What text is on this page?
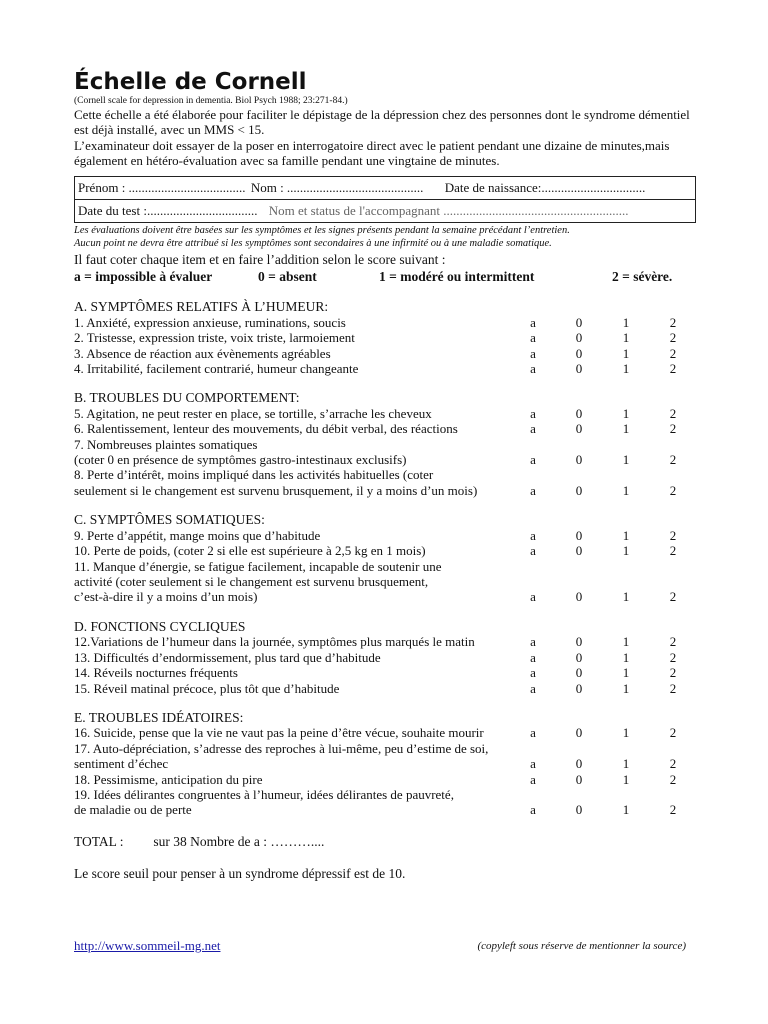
Échelle de Cornell

(Cornell scale for depression in dementia. Biol Psych 1988; 23:271-84.)

Cette échelle a été élaborée pour faciliter le dépistage de la dépression chez des personnes dont le syndrome démentiel est déjà installé, avec un MMS < 15.

L’examinateur doit essayer de la poser en interrogatoire direct avec le patient pendant une dizaine de minutes,mais également en hétéro-évaluation avec sa famille pendant une vingtaine de minutes.

Prénom : .................................... Nom : .......................................... Date de naissance:................................
Date du test :.................................. Nom et status de l'accompagnant .........................................................
Les évaluations doivent être basées sur les symptômes et les signes présents pendant la semaine précédant l’entretien.
Aucun point ne devra être attribué si les symptômes sont secondaires à une infirmité ou à une maladie somatique.
Il faut coter chaque item et en faire l’addition selon le score suivant :
a = impossible à évaluer	0 = absent	1 = modéré ou intermittent	2 = sévère.
A. SYMPTÔMES RELATIFS À L’HUMEUR:
1. Anxiété, expression anxieuse, ruminations, soucis	a	0	1	2
2. Tristesse, expression triste, voix triste, larmoiement	a	0	1	2
3. Absence de réaction aux évènements agréables	a	0	1	2
4. Irritabilité, facilement contrarié, humeur changeante	a	0	1	2
B. TROUBLES DU COMPORTEMENT:
5. Agitation, ne peut rester en place, se tortille, s’arrache les cheveux	a	0	1	2
6. Ralentissement, lenteur des mouvements, du débit verbal, des réactions	a	0	1	2
7. Nombreuses plaintes somatiques
(coter 0 en présence de symptômes gastro-intestinaux exclusifs)	a	0	1	2
8. Perte d’intérêt, moins impliqué dans les activités habituelles (coter
seulement si le changement est survenu brusquement, il y a moins d’un mois)	a	0	1	2
C. SYMPTÔMES SOMATIQUES:
9. Perte d’appétit, mange moins que d’habitude	a	0	1	2
10. Perte de poids, (coter 2 si elle est supérieure à 2,5 kg en 1 mois)	a	0	1	2
11. Manque d’énergie, se fatigue facilement, incapable de soutenir une
activité (coter seulement si le changement est survenu brusquement,
c’est-à-dire il y a moins d’un mois)	a	0	1	2
D. FONCTIONS CYCLIQUES
12.Variations de l’humeur dans la journée, symptômes plus marqués le matin	a	0	1	2
13. Difficultés d’endormissement, plus tard que d’habitude	a	0	1	2
14. Réveils nocturnes fréquents	a	0	1	2
15. Réveil matinal précoce, plus tôt que d’habitude	a	0	1	2
E. TROUBLES IDÉATOIRES:
16. Suicide, pense que la vie ne vaut pas la peine d’être vécue, souhaite mourir	a	0	1	2
17. Auto-dépréciation, s’adresse des reproches à lui-même, peu d’estime de soi,
sentiment d’échec	a	0	1	2
18. Pessimisme, anticipation du pire	a	0	1	2
19. Idées délirantes congruentes à l’humeur, idées délirantes de pauvreté,
de maladie ou de perte	a	0	1	2
TOTAL : sur 38 Nombre de a : ………....
Le score seuil pour penser à un syndrome dépressif est de 10.
http://www.sommeil-mg.net	(copyleft sous réserve de mentionner la source)
